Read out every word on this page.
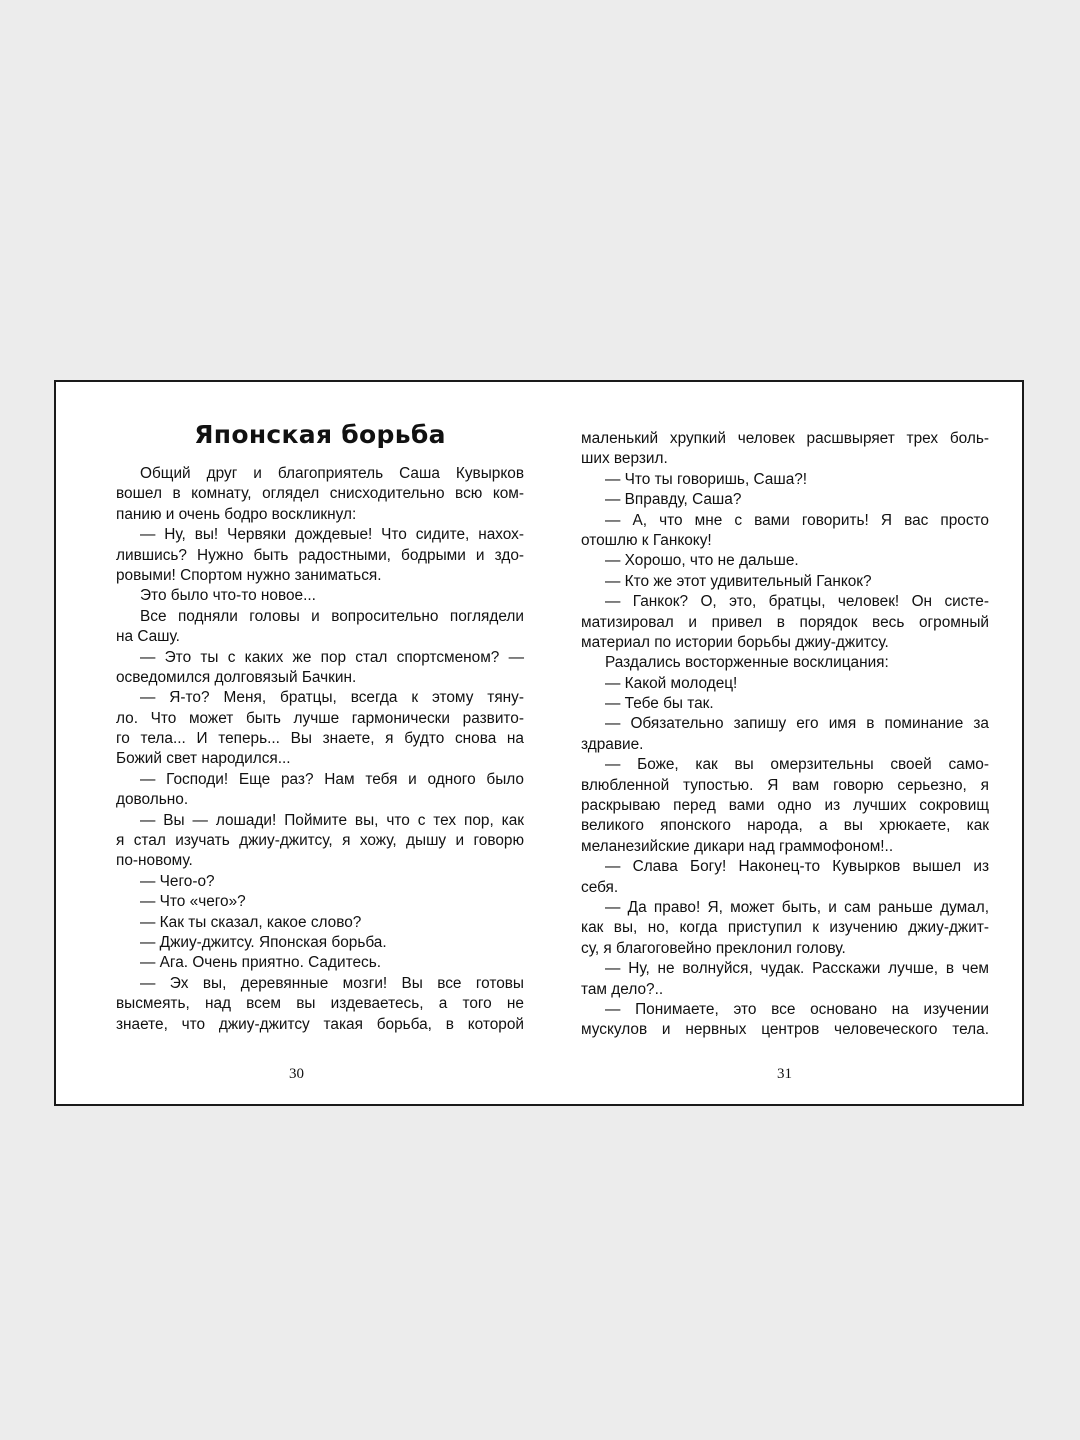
Японская борьба
Общий друг и благоприятель Саша Кувырков
вошел в комнату, оглядел снисходительно всю ком-
панию и очень бодро воскликнул:
— Ну, вы! Червяки дождевые! Что сидите, нахох-
лившись? Нужно быть радостными, бодрыми и здо-
ровыми! Спортом нужно заниматься.
Это было что-то новое...
Все подняли головы и вопросительно поглядели
на Сашу.
— Это ты с каких же пор стал спортсменом? —
осведомился долговязый Бачкин.
— Я-то? Меня, братцы, всегда к этому тяну-
ло. Что может быть лучше гармонически развито-
го тела... И теперь... Вы знаете, я будто снова на
Божий свет народился...
— Господи! Еще раз? Нам тебя и одного было
довольно.
— Вы — лошади! Поймите вы, что с тех пор, как
я стал изучать джиу-джитсу, я хожу, дышу и говорю
по-новому.
— Чего-о?
— Что «чего»?
— Как ты сказал, какое слово?
— Джиу-джитсу. Японская борьба.
— Ага. Очень приятно. Садитесь.
— Эх вы, деревянные мозги! Вы все готовы
высмеять, над всем вы издеваетесь, а того не
знаете, что джиу-джитсу такая борьба, в которой
маленький хрупкий человек расшвыряет трех боль-
ших верзил.
— Что ты говоришь, Саша?!
— Вправду, Саша?
— А, что мне с вами говорить! Я вас просто
отошлю к Ганкоку!
— Хорошо, что не дальше.
— Кто же этот удивительный Ганкок?
— Ганкок? О, это, братцы, человек! Он систе-
матизировал и привел в порядок весь огромный
материал по истории борьбы джиу-джитсу.
Раздались восторженные восклицания:
— Какой молодец!
— Тебе бы так.
— Обязательно запишу его имя в поминание за
здравие.
— Боже, как вы омерзительны своей само-
влюбленной тупостью. Я вам говорю серьезно, я
раскрываю перед вами одно из лучших сокровищ
великого японского народа, а вы хрюкаете, как
меланезийские дикари над граммофоном!..
— Слава Богу! Наконец-то Кувырков вышел из
себя.
— Да право! Я, может быть, и сам раньше думал,
как вы, но, когда приступил к изучению джиу-джит-
су, я благоговейно преклонил голову.
— Ну, не волнуйся, чудак. Расскажи лучше, в чем
там дело?..
— Понимаете, это все основано на изучении
мускулов и нервных центров человеческого тела.
30	31
